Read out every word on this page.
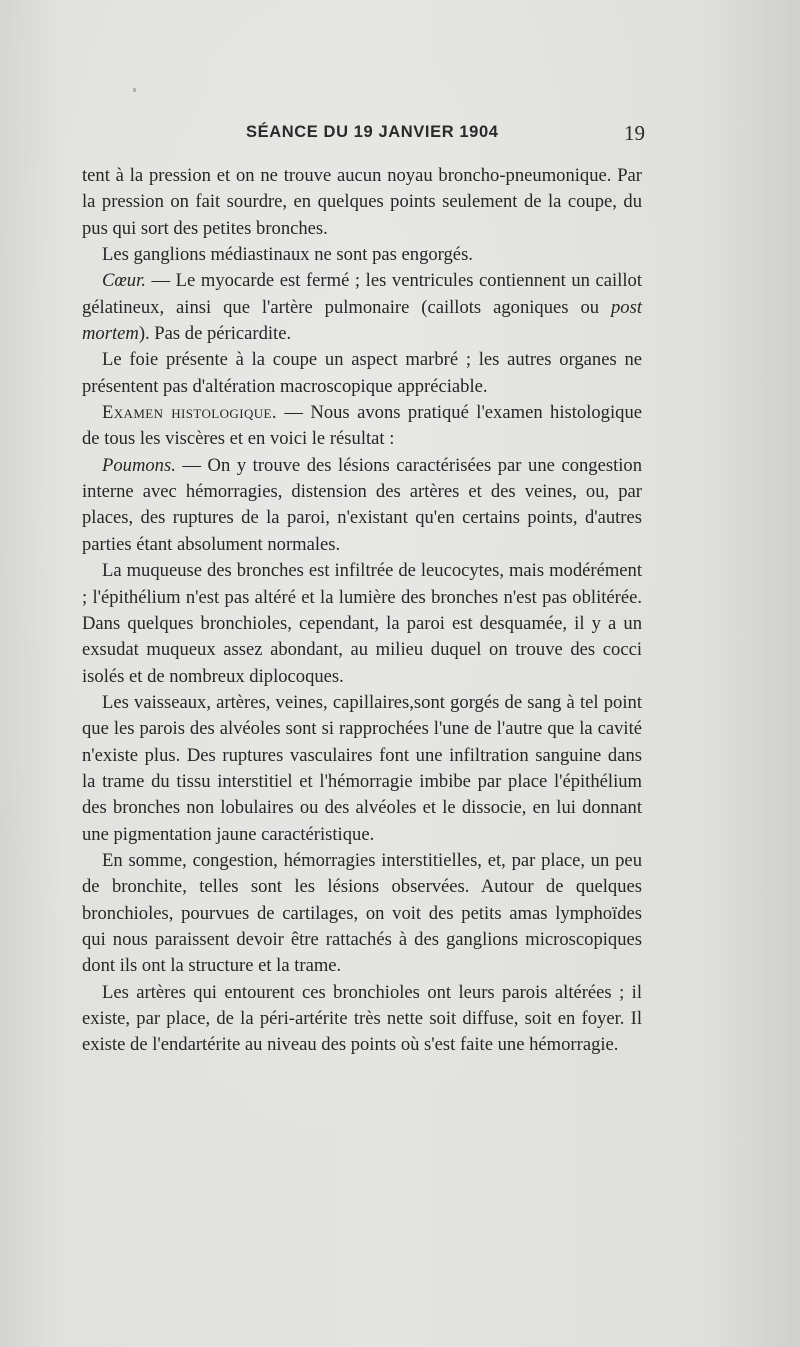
SÉANCE DU 19 JANVIER 1904	19

tent à la pression et on ne trouve aucun noyau broncho-pneumonique. Par la pression on fait sourdre, en quelques points seulement de la coupe, du pus qui sort des petites bronches.

Les ganglions médiastinaux ne sont pas engorgés.

Cœur. — Le myocarde est fermé ; les ventricules contiennent un caillot gélatineux, ainsi que l'artère pulmonaire (caillots agoniques ou post mortem). Pas de péricardite.

Le foie présente à la coupe un aspect marbré ; les autres organes ne présentent pas d'altération macroscopique appréciable.

Examen histologique. — Nous avons pratiqué l'examen histologique de tous les viscères et en voici le résultat :

Poumons. — On y trouve des lésions caractérisées par une congestion interne avec hémorragies, distension des artères et des veines, ou, par places, des ruptures de la paroi, n'existant qu'en certains points, d'autres parties étant absolument normales.

La muqueuse des bronches est infiltrée de leucocytes, mais modérément ; l'épithélium n'est pas altéré et la lumière des bronches n'est pas oblitérée. Dans quelques bronchioles, cependant, la paroi est desquamée, il y a un exsudat muqueux assez abondant, au milieu duquel on trouve des cocci isolés et de nombreux diplocoques.

Les vaisseaux, artères, veines, capillaires,sont gorgés de sang à tel point que les parois des alvéoles sont si rapprochées l'une de l'autre que la cavité n'existe plus. Des ruptures vasculaires font une infiltration sanguine dans la trame du tissu interstitiel et l'hémorragie imbibe par place l'épithélium des bronches non lobulaires ou des alvéoles et le dissocie, en lui donnant une pigmentation jaune caractéristique.

En somme, congestion, hémorragies interstitielles, et, par place, un peu de bronchite, telles sont les lésions observées. Autour de quelques bronchioles, pourvues de cartilages, on voit des petits amas lymphoïdes qui nous paraissent devoir être rattachés à des ganglions microscopiques dont ils ont la structure et la trame.

Les artères qui entourent ces bronchioles ont leurs parois altérées ; il existe, par place, de la péri-artérite très nette soit diffuse, soit en foyer. Il existe de l'endartérite au niveau des points où s'est faite une hémorragie.
